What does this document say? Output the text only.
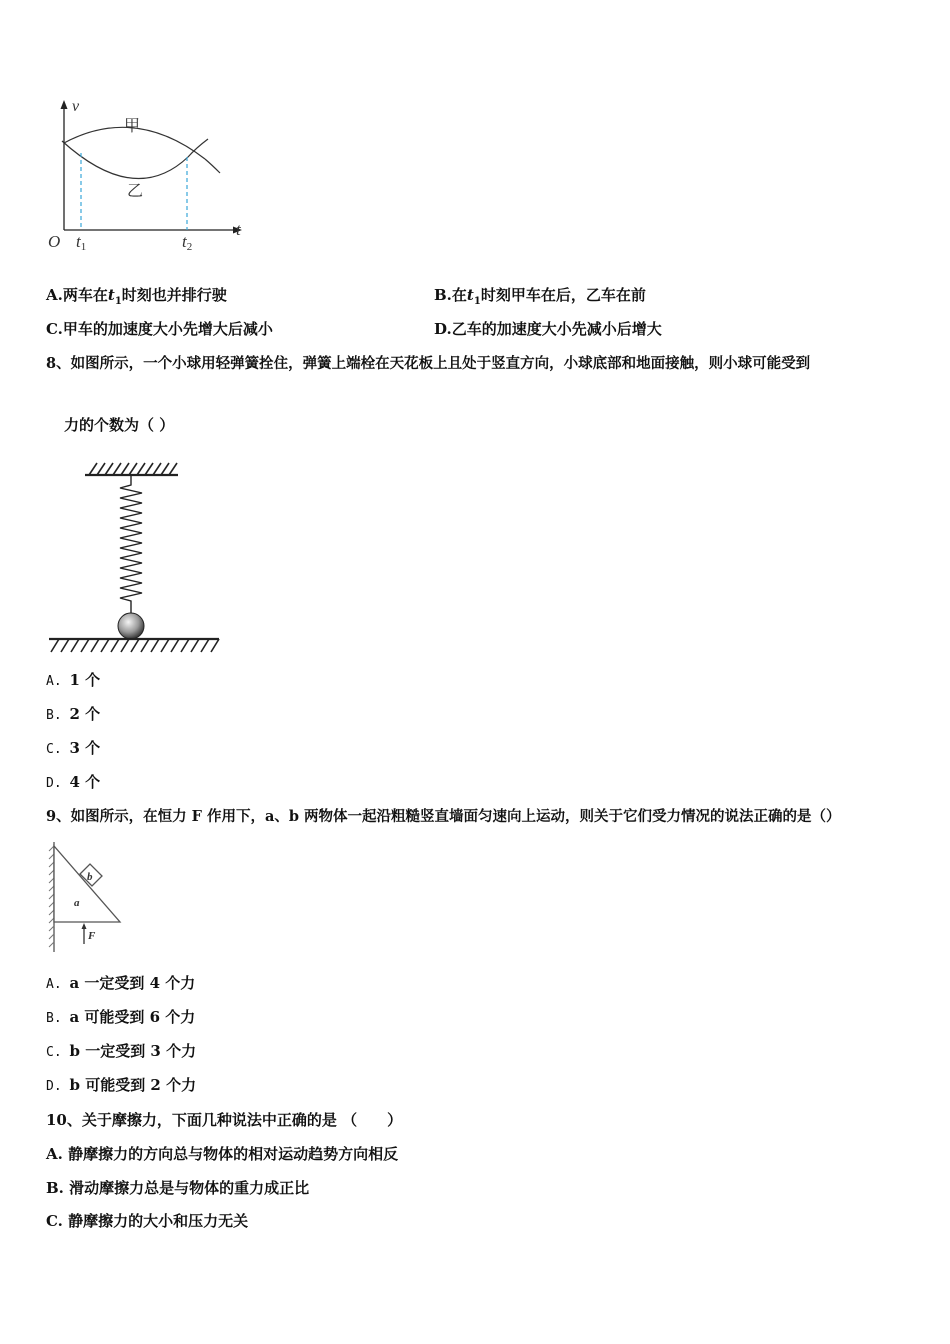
v
t
O t1	t2
甲
乙
A.两车在$t_1$时刻也并排行驶	B.在$t_1$时刻甲车在后，乙车在前
C.甲车的加速度大小先增大后减小	D.乙车的加速度大小先减小后增大
8、如图所示，一个小球用轻弹簧拴住，弹簧上端栓在天花板上且处于竖直方向，小球底部和地面接触，则小球可能受到
力的个数为（ ）
A. 1 个
B. 2 个
C. 3 个
D. 4 个
9、如图所示，在恒力 F 作用下，a、b 两物体一起沿粗糙竖直墙面匀速向上运动，则关于它们受力情况的说法正确的是（）
b
a
F
A. a 一定受到 4 个力
B. a 可能受到 6 个力
C. b 一定受到 3 个力
D. b 可能受到 2 个力
10、关于摩擦力，下面几种说法中正确的是 （　　）
A. 静摩擦力的方向总与物体的相对运动趋势方向相反
B. 滑动摩擦力总是与物体的重力成正比
C. 静摩擦力的大小和压力无关
